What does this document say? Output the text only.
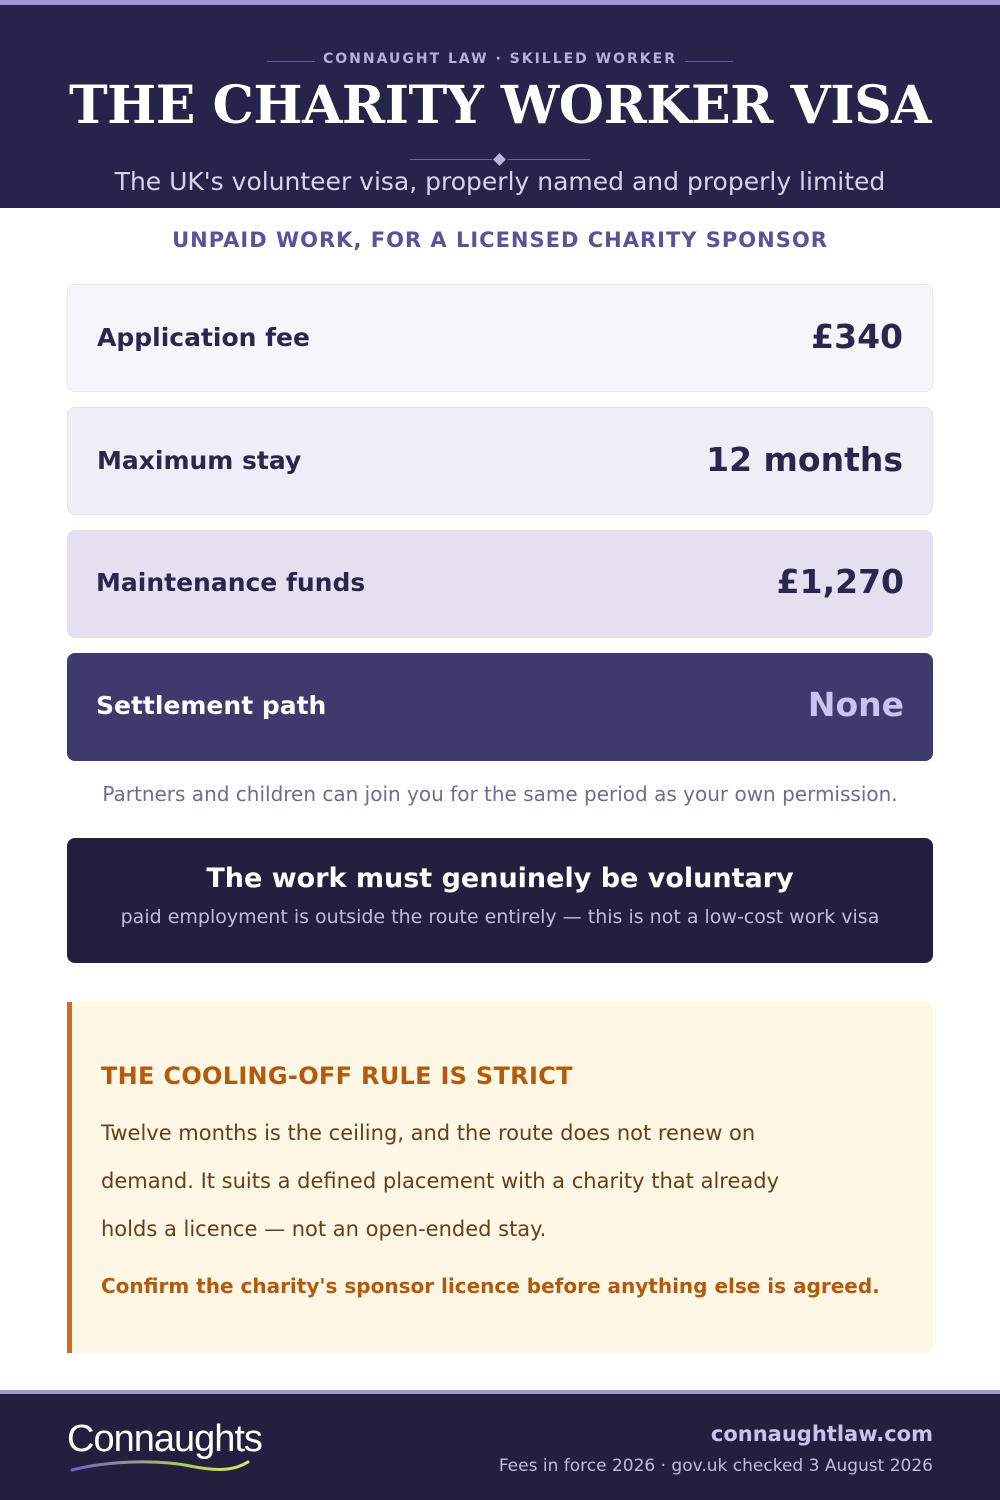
CONNAUGHT LAW · SKILLED WORKER
THE CHARITY WORKER VISA
The UK's volunteer visa, properly named and properly limited
UNPAID WORK, FOR A LICENSED CHARITY SPONSOR
Application fee	£340
Maximum stay	12 months
Maintenance funds	£1,270
Settlement path	None
Partners and children can join you for the same period as your own permission.
The work must genuinely be voluntary
paid employment is outside the route entirely — this is not a low-cost work visa
THE COOLING-OFF RULE IS STRICT
Twelve months is the ceiling, and the route does not renew on demand. It suits a defined placement with a charity that already holds a licence — not an open-ended stay.
Confirm the charity's sponsor licence before anything else is agreed.
Connaughts	connaughtlaw.com
Fees in force 2026 · gov.uk checked 3 August 2026
